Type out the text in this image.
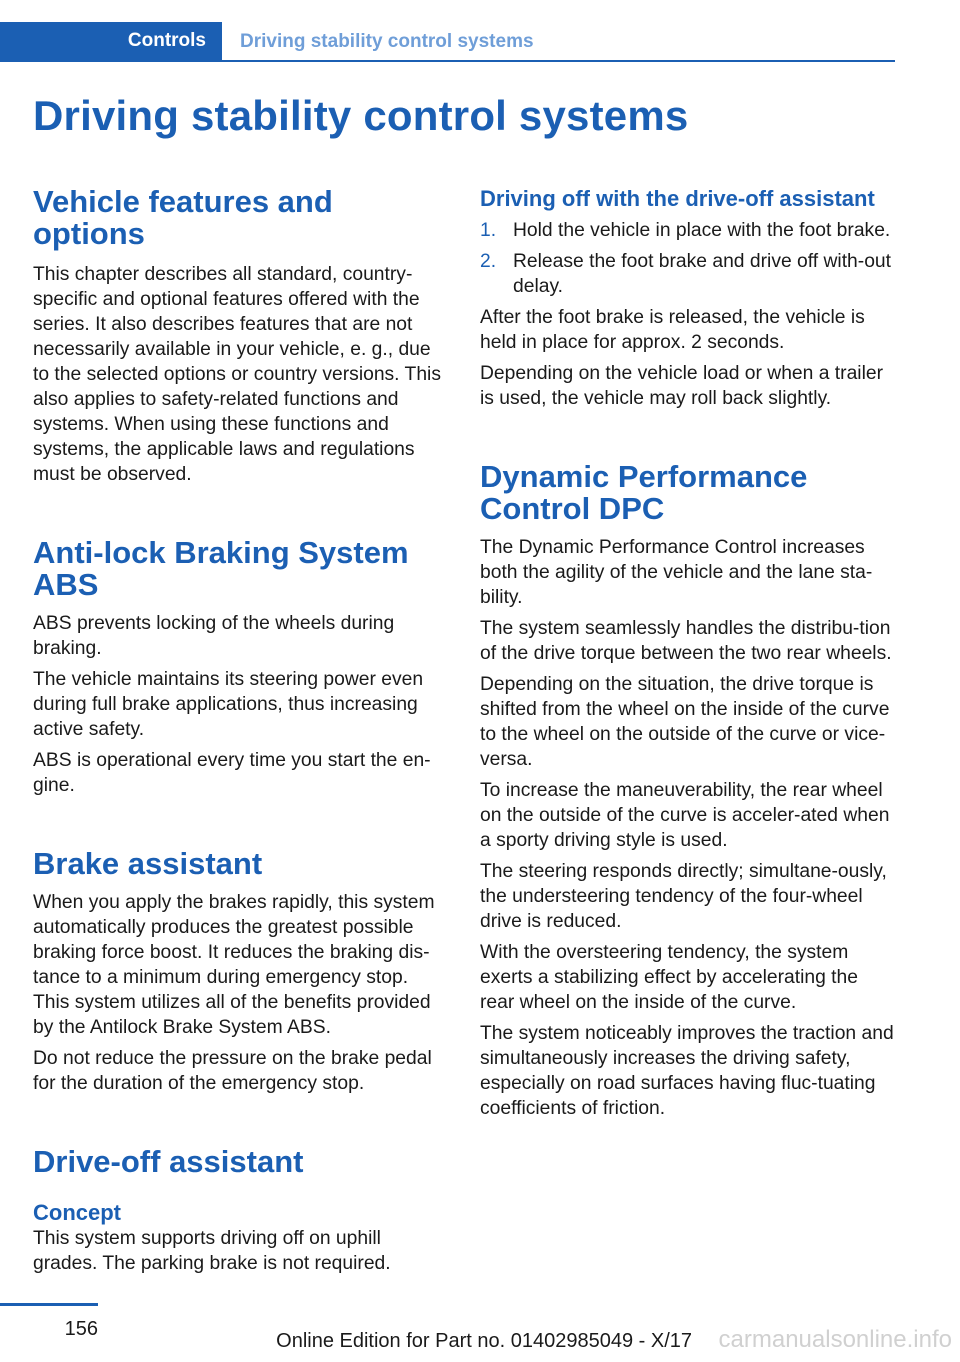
Controls	Driving stability control systems
Driving stability control systems
Vehicle features and options

This chapter describes all standard, country-specific and optional features offered with the series. It also describes features that are not necessarily available in your vehicle, e. g., due to the selected options or country versions. This also applies to safety-related functions and systems. When using these functions and systems, the applicable laws and regulations must be observed.

Anti-lock Braking System ABS

ABS prevents locking of the wheels during braking.

The vehicle maintains its steering power even during full brake applications, thus increasing active safety.

ABS is operational every time you start the en‐gine.

Brake assistant

When you apply the brakes rapidly, this system automatically produces the greatest possible braking force boost. It reduces the braking dis‐tance to a minimum during emergency stop. This system utilizes all of the benefits provided by the Antilock Brake System ABS.

Do not reduce the pressure on the brake pedal for the duration of the emergency stop.

Drive-off assistant
Concept

This system supports driving off on uphill grades. The parking brake is not required.

Driving off with the drive-off assistant
1. Hold the vehicle in place with the foot brake.
2. Release the foot brake and drive off with‐out delay.

After the foot brake is released, the vehicle is held in place for approx. 2 seconds.

Depending on the vehicle load or when a trailer is used, the vehicle may roll back slightly.

Dynamic Performance Control DPC

The Dynamic Performance Control increases both the agility of the vehicle and the lane sta‐bility.

The system seamlessly handles the distribu‐tion of the drive torque between the two rear wheels.

Depending on the situation, the drive torque is shifted from the wheel on the inside of the curve to the wheel on the outside of the curve or vice-versa.

To increase the maneuverability, the rear wheel on the outside of the curve is acceler‐ated when a sporty driving style is used.

The steering responds directly; simultane‐ously, the understeering tendency of the four-wheel drive is reduced.

With the oversteering tendency, the system exerts a stabilizing effect by accelerating the rear wheel on the inside of the curve.

The system noticeably improves the traction and simultaneously increases the driving safety, especially on road surfaces having fluc‐tuating coefficients of friction.

156
Online Edition for Part no. 01402985049 - X/17 carmanualsonline.info
